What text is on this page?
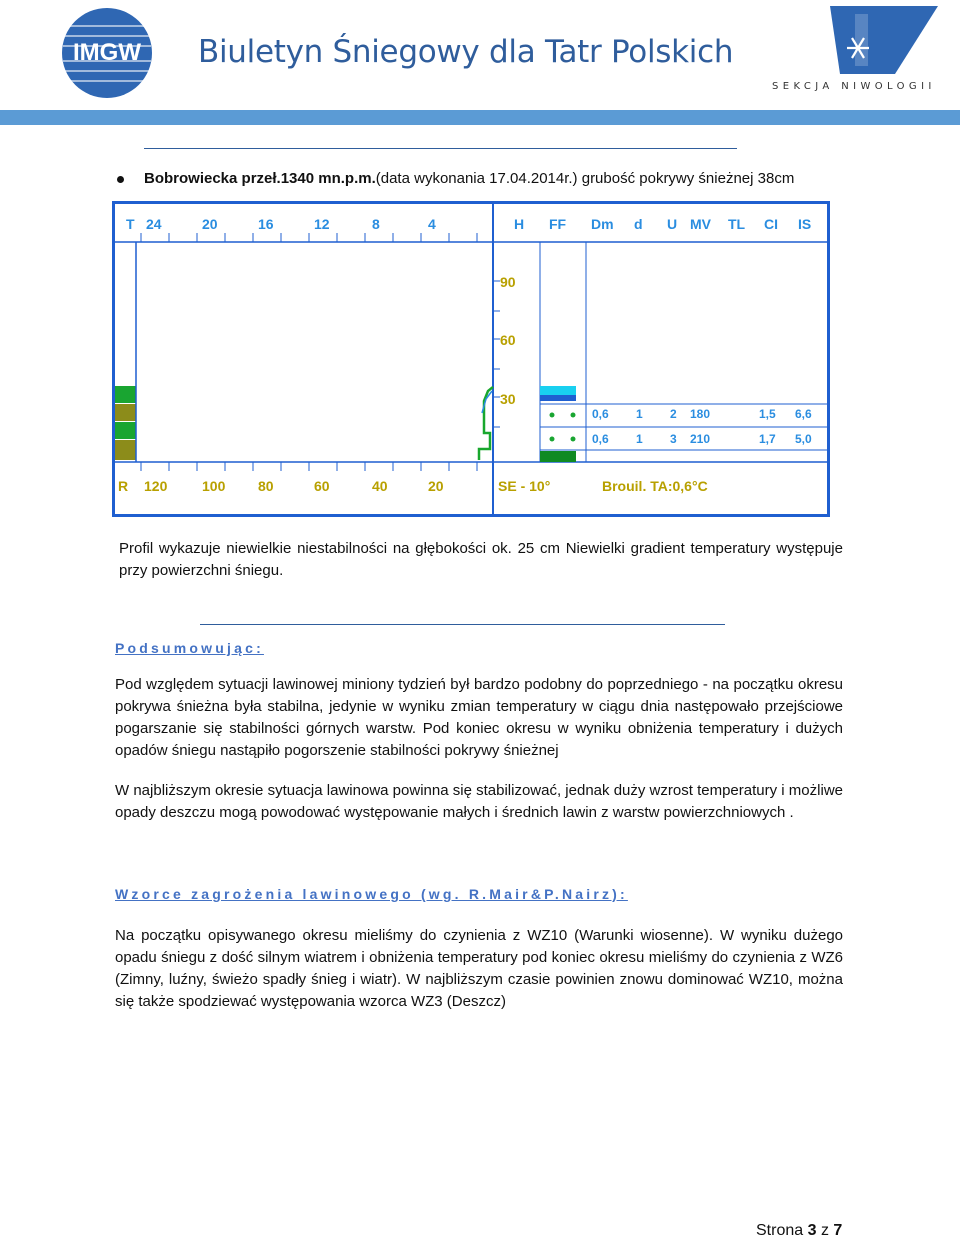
IMGW Biuletyn Śniegowy dla Tatr Polskich
SEKCJA NIWOLOGII
Bobrowiecka przeł.1340 mn.p.m.(data wykonania 17.04.2014r.) grubość pokrywy śnieżnej 38cm
T 24	20	16	12	8	4	H FF Dm d U MV TL CI IS
90
60
30
0,6 1 2 180	1,5 6,6
0,6 1 3 210	1,7 5,0
R 120 100 80	60	40	20	SE - 10°	Brouil. TA:0,6°C
Profil wykazuje niewielkie niestabilności na głębokości ok. 25 cm Niewielki gradient temperatury występuje przy powierzchni śniegu.
Podsumowując:
Pod względem sytuacji lawinowej miniony tydzień był bardzo podobny do poprzedniego - na początku okresu pokrywa śnieżna była stabilna, jedynie w wyniku zmian temperatury w ciągu dnia następowało przejściowe pogarszanie się stabilności górnych warstw. Pod koniec okresu w wyniku obniżenia temperatury i dużych opadów śniegu nastąpiło pogorszenie stabilności pokrywy śnieżnej
W najbliższym okresie sytuacja lawinowa powinna się stabilizować, jednak duży wzrost temperatury i możliwe opady deszczu mogą powodować występowanie małych i średnich lawin z warstw powierzchniowych .
Wzorce zagrożenia lawinowego (wg. R.Mair&P.Nairz):
Na początku opisywanego okresu mieliśmy do czynienia z WZ10 (Warunki wiosenne). W wyniku dużego opadu śniegu z dość silnym wiatrem i obniżenia temperatury pod koniec okresu mieliśmy do czynienia z WZ6 (Zimny, luźny, świeżo spadły śnieg i wiatr). W najbliższym czasie powinien znowu dominować WZ10, można się także spodziewać występowania wzorca WZ3 (Deszcz)
Strona 3 z 7
